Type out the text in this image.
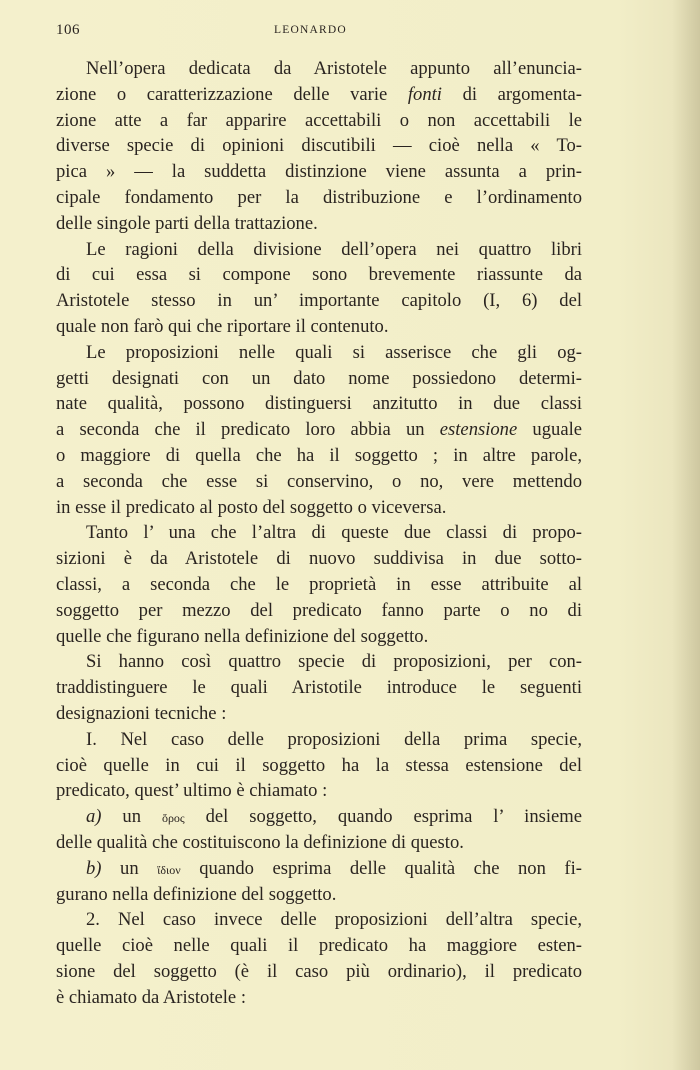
106	LEONARDO
Nell’opera dedicata da Aristotele appunto all’enuncia-
zione o caratterizzazione delle varie fonti di argomenta-
zione atte a far apparire accettabili o non accettabili le
diverse specie di opinioni discutibili — cioè nella « To-
pica » — la suddetta distinzione viene assunta a prin-
cipale fondamento per la distribuzione e l’ordinamento
delle singole parti della trattazione.
Le ragioni della divisione dell’opera nei quattro libri
di cui essa si compone sono brevemente riassunte da
Aristotele stesso in un’ importante capitolo (I, 6) del
quale non farò qui che riportare il contenuto.
Le proposizioni nelle quali si asserisce che gli og-
getti designati con un dato nome possiedono determi-
nate qualità, possono distinguersi anzitutto in due classi
a seconda che il predicato loro abbia un estensione uguale
o maggiore di quella che ha il soggetto ; in altre parole,
a seconda che esse si conservino, o no, vere mettendo
in esse il predicato al posto del soggetto o viceversa.
Tanto l’ una che l’altra di queste due classi di propo-
sizioni è da Aristotele di nuovo suddivisa in due sotto-
classi, a seconda che le proprietà in esse attribuite al
soggetto per mezzo del predicato fanno parte o no di
quelle che figurano nella definizione del soggetto.
Si hanno così quattro specie di proposizioni, per con-
traddistinguere le quali Aristotile introduce le seguenti
designazioni tecniche :
I. Nel caso delle proposizioni della prima specie,
cioè quelle in cui il soggetto ha la stessa estensione del
predicato, quest’ ultimo è chiamato :
a) un ὅρος del soggetto, quando esprima l’ insieme
delle qualità che costituiscono la definizione di questo.
b) un ἴδιον quando esprima delle qualità che non fi-
gurano nella definizione del soggetto.
2. Nel caso invece delle proposizioni dell’altra specie,
quelle cioè nelle quali il predicato ha maggiore esten-
sione del soggetto (è il caso più ordinario), il predicato
è chiamato da Aristotele :
